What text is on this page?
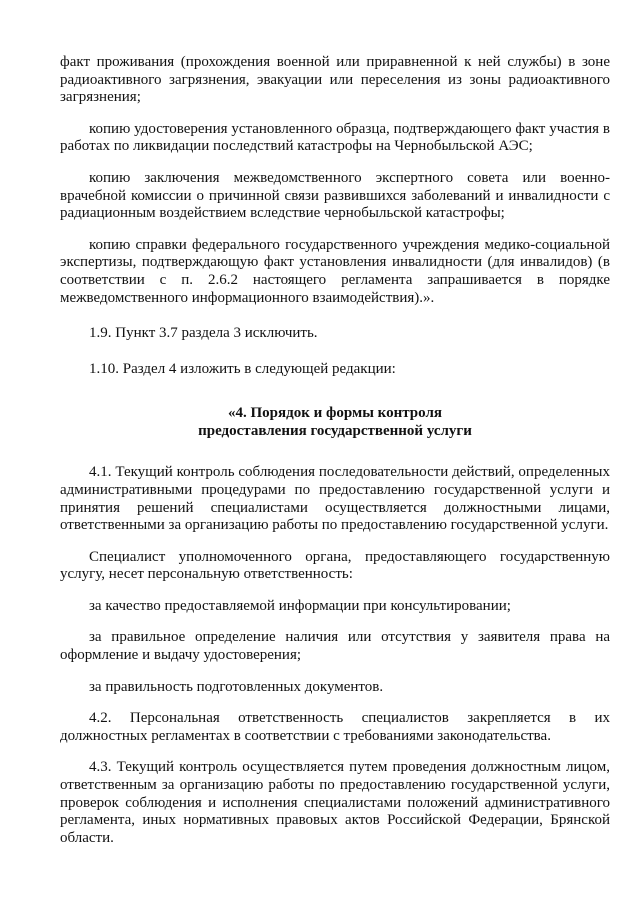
факт проживания (прохождения военной или приравненной к ней службы) в зоне радиоактивного загрязнения, эвакуации или переселения из зоны радиоактивного загрязнения;

копию удостоверения установленного образца, подтверждающего факт участия в работах по ликвидации последствий катастрофы на Чернобыльской АЭС;

копию заключения межведомственного экспертного совета или военно-врачебной комиссии о причинной связи развившихся заболеваний и инвалидности с радиационным воздействием вследствие чернобыльской катастрофы;

копию справки федерального государственного учреждения медико-социальной экспертизы, подтверждающую факт установления инвалидности (для инвалидов) (в соответствии с п. 2.6.2 настоящего регламента запрашивается в порядке межведомственного информационного взаимодействия).».

1.9. Пункт 3.7 раздела 3 исключить.

1.10. Раздел 4 изложить в следующей редакции:

«4. Порядок и формы контроля
предоставления государственной услуги

4.1. Текущий контроль соблюдения последовательности действий, определенных административными процедурами по предоставлению государственной услуги и принятия решений специалистами осуществляется должностными лицами, ответственными за организацию работы по предоставлению государственной услуги.

Специалист уполномоченного органа, предоставляющего государственную услугу, несет персональную ответственность:

за качество предоставляемой информации при консультировании;

за правильное определение наличия или отсутствия у заявителя права на оформление и выдачу удостоверения;

за правильность подготовленных документов.

4.2. Персональная ответственность специалистов закрепляется в их должностных регламентах в соответствии с требованиями законодательства.

4.3. Текущий контроль осуществляется путем проведения должностным лицом, ответственным за организацию работы по предоставлению государственной услуги, проверок соблюдения и исполнения специалистами положений административного регламента, иных нормативных правовых актов Российской Федерации, Брянской области.
